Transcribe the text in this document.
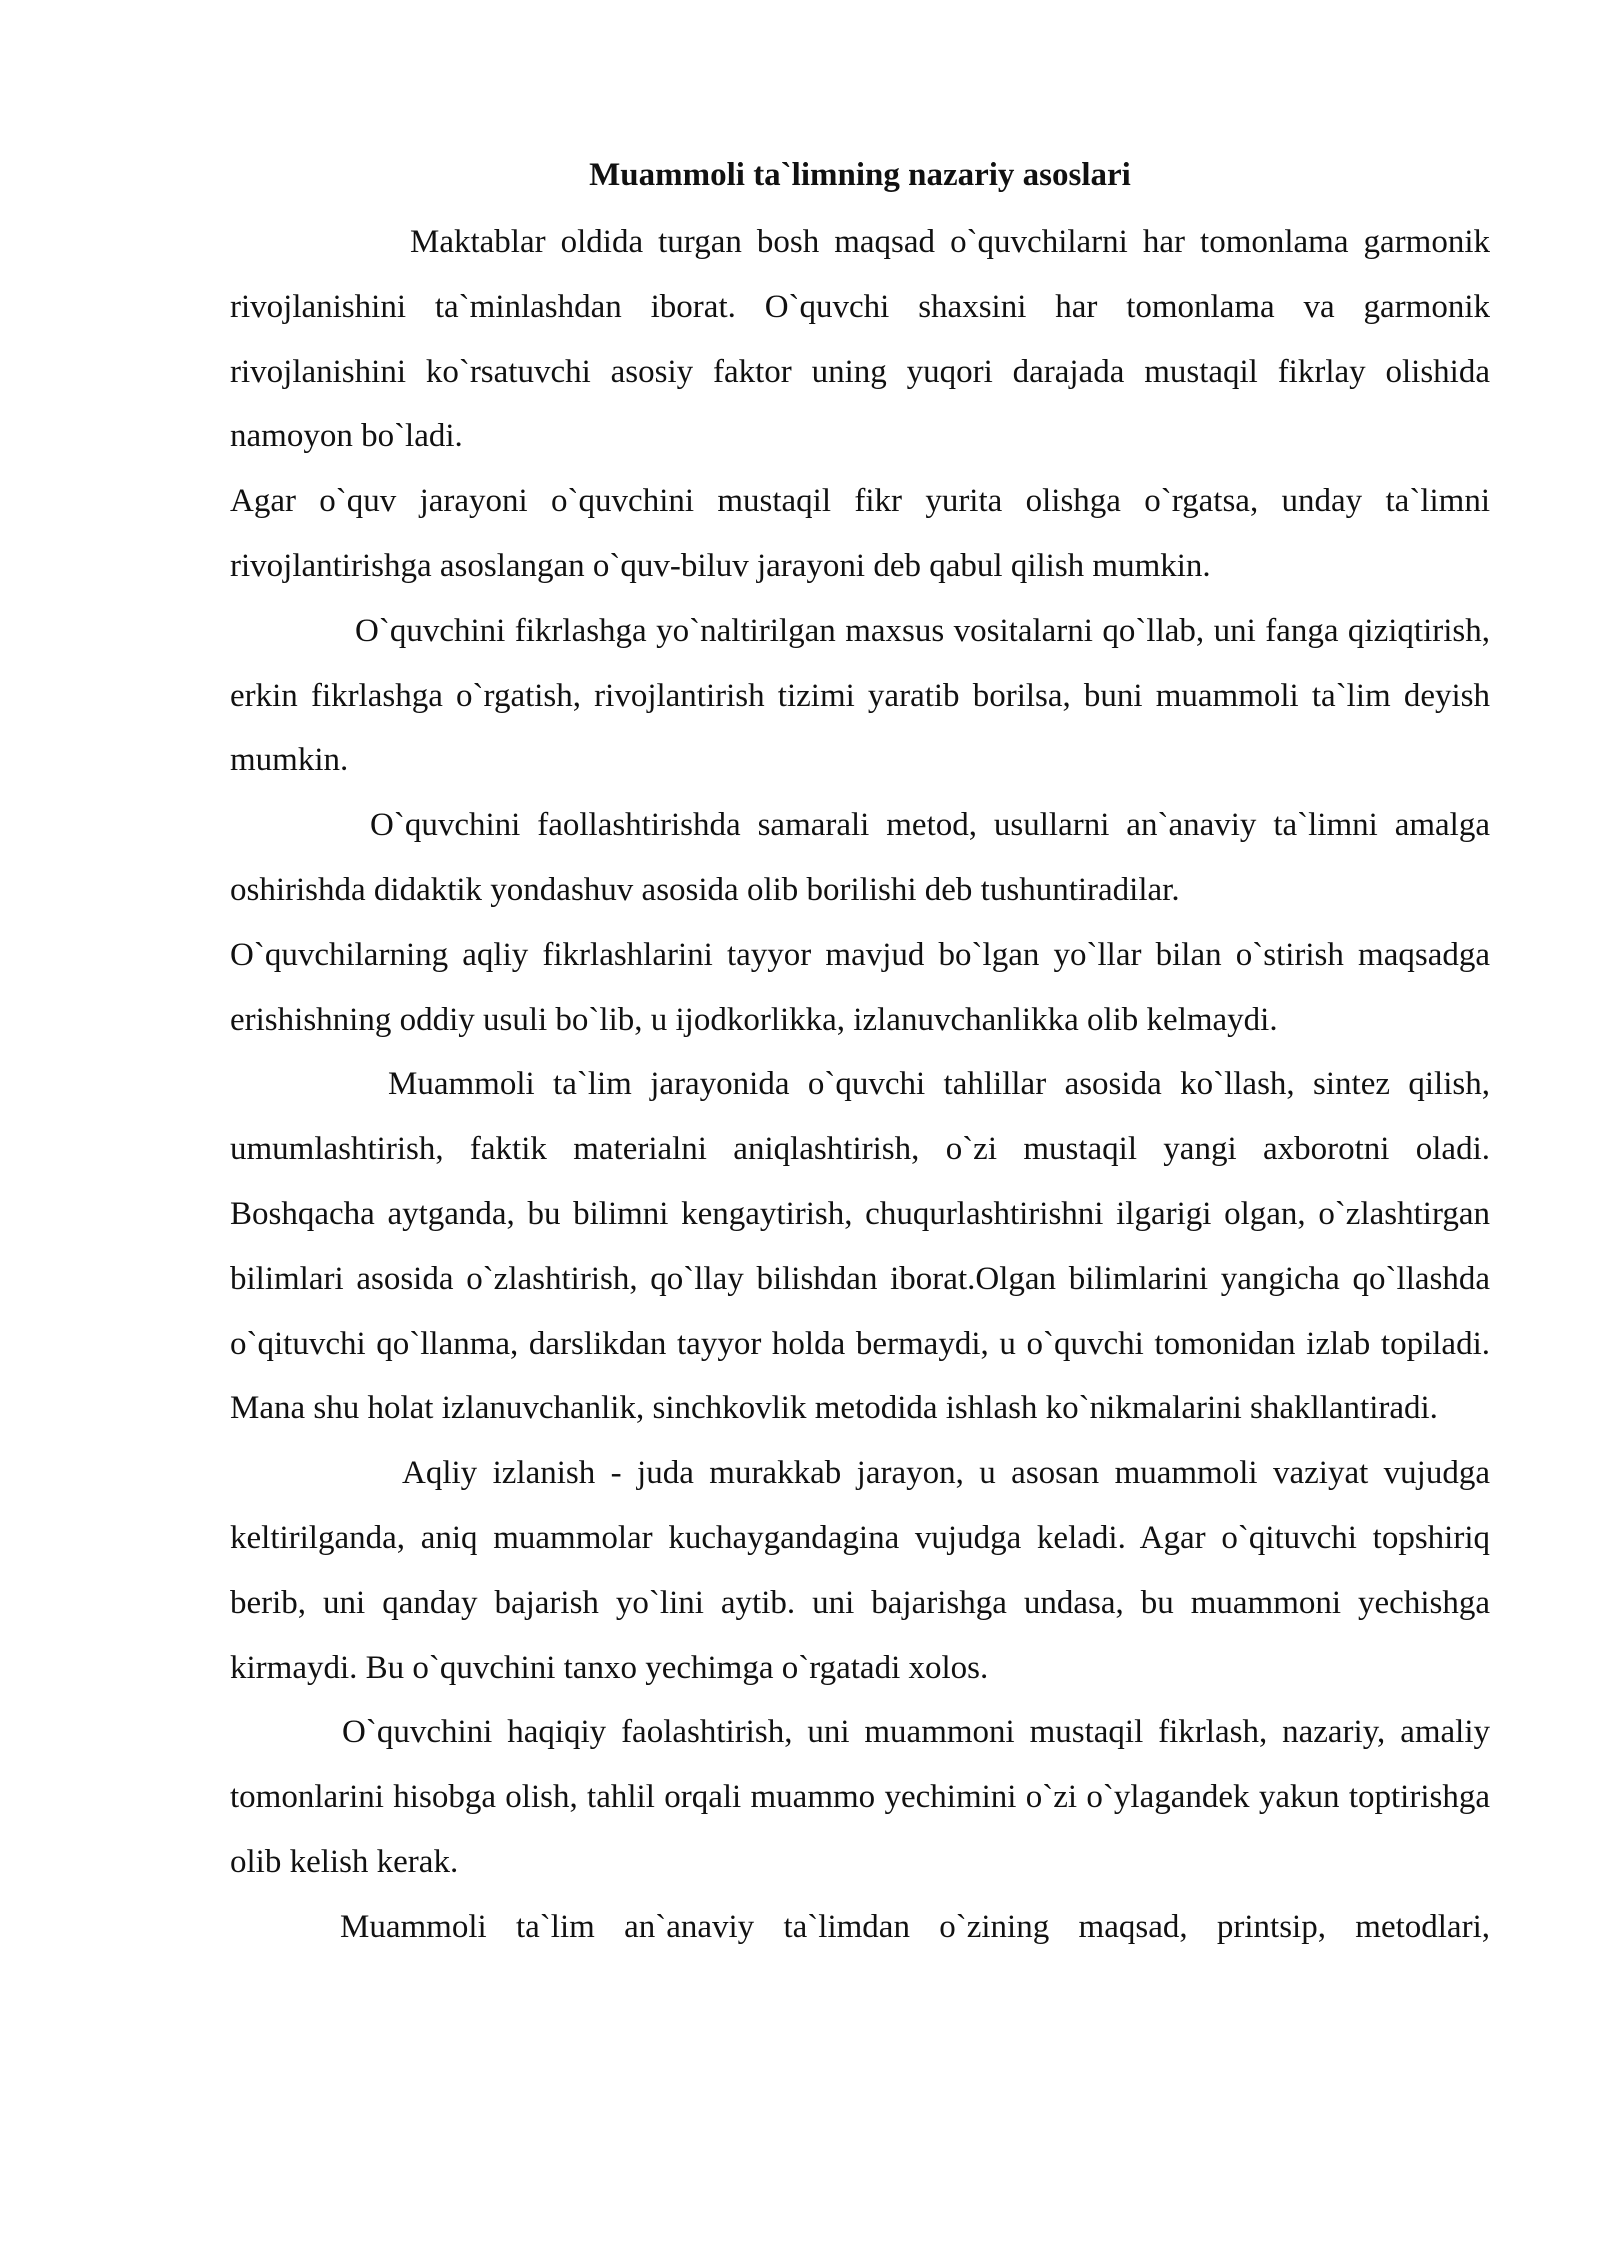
Muammoli ta`limning nazariy asoslari

Maktablar oldida turgan bosh maqsad o`quvchilarni har tomonlama garmonik rivojlanishini ta`minlashdan iborat. O`quvchi shaxsini har tomonlama va garmonik rivojlanishini ko`rsatuvchi asosiy faktor uning yuqori darajada mustaqil fikrlay olishida namoyon bo`ladi.

Agar o`quv jarayoni o`quvchini mustaqil fikr yurita olishga o`rgatsa, unday ta`limni rivojlantirishga asoslangan o`quv-biluv jarayoni deb qabul qilish mumkin.

O`quvchini fikrlashga yo`naltirilgan maxsus vositalarni qo`llab, uni fanga qiziqtirish, erkin fikrlashga o`rgatish, rivojlantirish tizimi yaratib borilsa, buni muammoli ta`lim deyish mumkin.

O`quvchini faollashtirishda samarali metod, usullarni an`anaviy ta`limni amalga oshirishda didaktik yondashuv asosida olib borilishi deb tushuntiradilar.

O`quvchilarning aqliy fikrlashlarini tayyor mavjud bo`lgan yo`llar bilan o`stirish maqsadga erishishning oddiy usuli bo`lib, u ijodkorlikka, izlanuvchanlikka olib kelmaydi.

Muammoli ta`lim jarayonida o`quvchi tahlillar asosida ko`llash, sintez qilish, umumlashtirish, faktik materialni aniqlashtirish, o`zi mustaqil yangi axborotni oladi. Boshqacha aytganda, bu bilimni kengaytirish, chuqurlashtirishni ilgarigi olgan, o`zlashtirgan bilimlari asosida o`zlashtirish, qo`llay bilishdan iborat.Olgan bilimlarini yangicha qo`llashda o`qituvchi qo`llanma, darslikdan tayyor holda bermaydi, u o`quvchi tomonidan izlab topiladi. Mana shu holat izlanuvchanlik, sinchkovlik metodida ishlash ko`nikmalarini shakllantiradi.

Aqliy izlanish - juda murakkab jarayon, u asosan muammoli vaziyat vujudga keltirilganda, aniq muammolar kuchaygandagina vujudga keladi. Agar o`qituvchi topshiriq berib, uni qanday bajarish yo`lini aytib. uni bajarishga undasa, bu muammoni yechishga kirmaydi. Bu o`quvchini tanxo yechimga o`rgatadi xolos.

O`quvchini haqiqiy faolashtirish, uni muammoni mustaqil fikrlash, nazariy, amaliy tomonlarini hisobga olish, tahlil orqali muammo yechimini o`zi o`ylagandek yakun toptirishga olib kelish kerak.

Muammoli ta`lim an`anaviy ta`limdan o`zining maqsad, printsip, metodlari,
